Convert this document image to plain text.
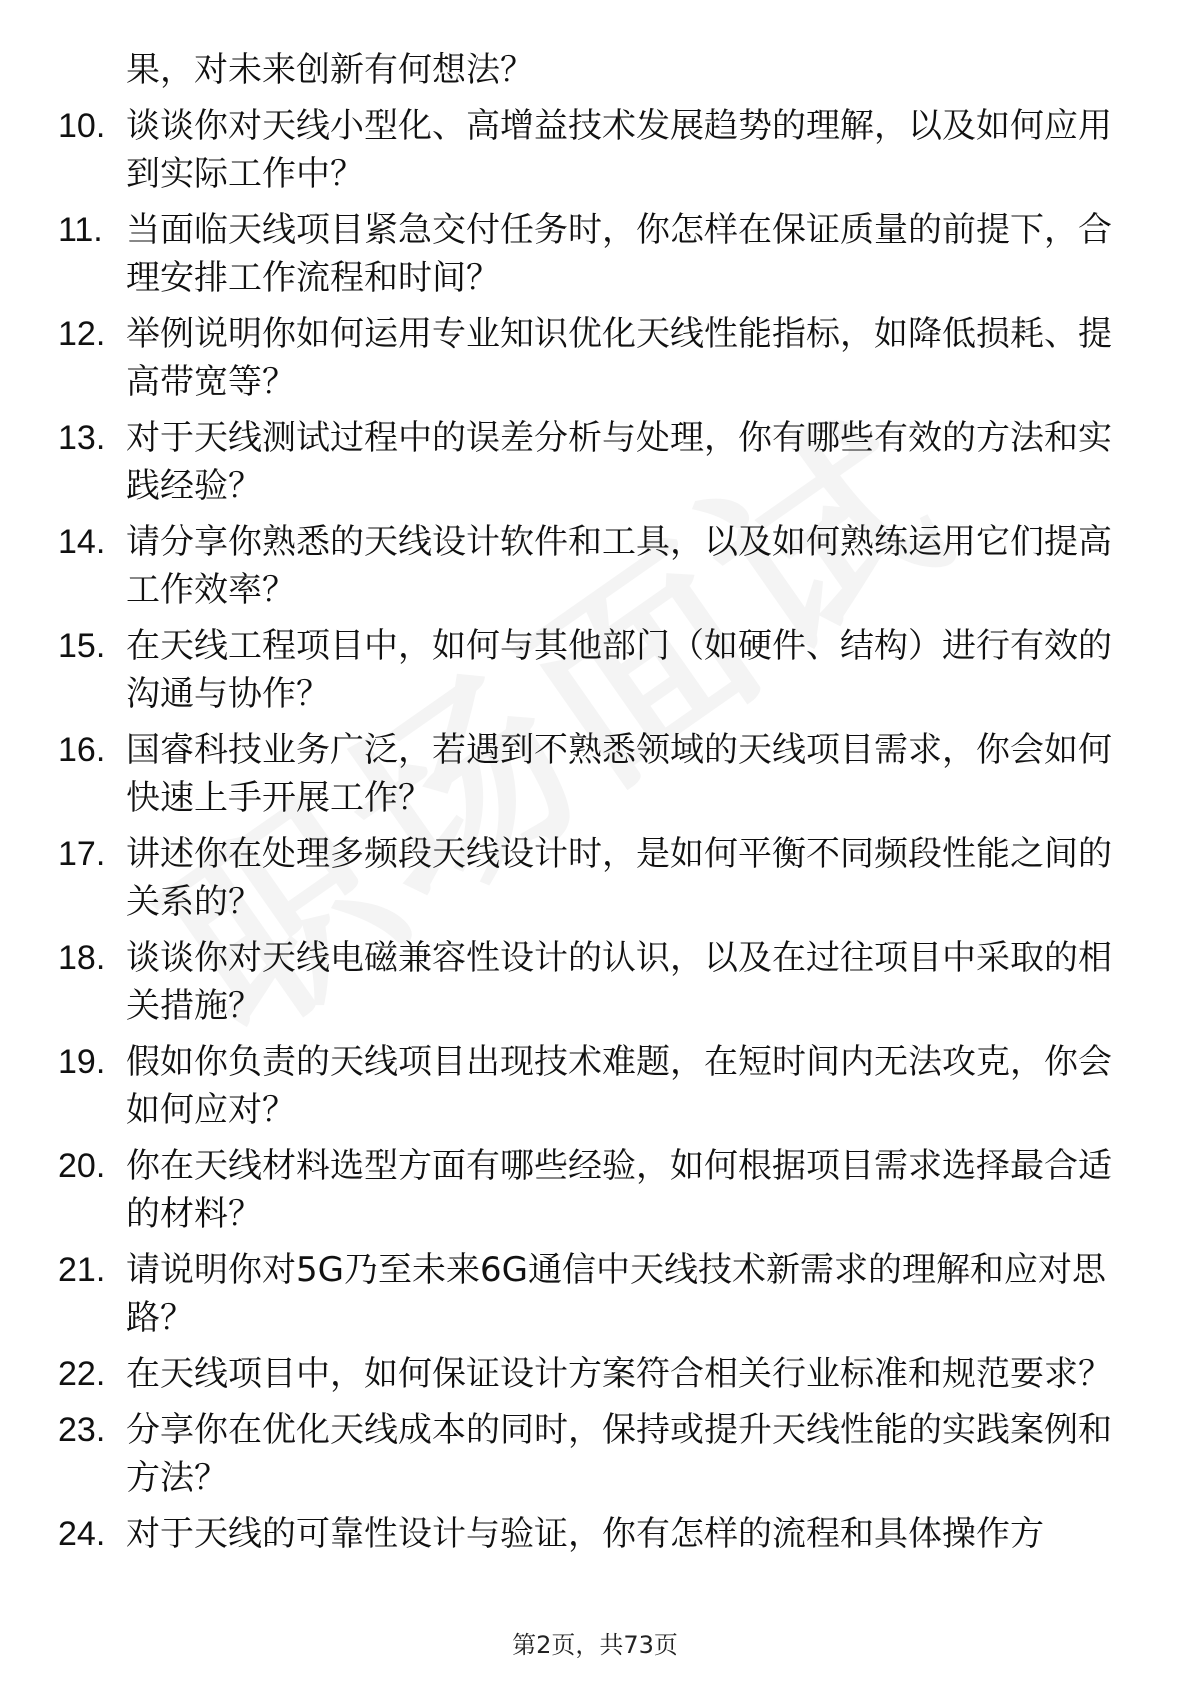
果，对未来创新有何想法？
10. 谈谈你对天线小型化、高增益技术发展趋势的理解，以及如何应用到实际工作中？
11. 当面临天线项目紧急交付任务时，你怎样在保证质量的前提下，合理安排工作流程和时间？
12. 举例说明你如何运用专业知识优化天线性能指标，如降低损耗、提高带宽等？
13. 对于天线测试过程中的误差分析与处理，你有哪些有效的方法和实践经验？
14. 请分享你熟悉的天线设计软件和工具，以及如何熟练运用它们提高工作效率？
15. 在天线工程项目中，如何与其他部门（如硬件、结构）进行有效的沟通与协作？
16. 国睿科技业务广泛，若遇到不熟悉领域的天线项目需求，你会如何快速上手开展工作？
17. 讲述你在处理多频段天线设计时，是如何平衡不同频段性能之间的关系的？
18. 谈谈你对天线电磁兼容性设计的认识，以及在过往项目中采取的相关措施？
19. 假如你负责的天线项目出现技术难题，在短时间内无法攻克，你会如何应对？
20. 你在天线材料选型方面有哪些经验，如何根据项目需求选择最合适的材料？
21. 请说明你对5G乃至未来6G通信中天线技术新需求的理解和应对思路？
22. 在天线项目中，如何保证设计方案符合相关行业标准和规范要求？
23. 分享你在优化天线成本的同时，保持或提升天线性能的实践案例和方法？
24. 对于天线的可靠性设计与验证，你有怎样的流程和具体操作方
第2页，共73页
